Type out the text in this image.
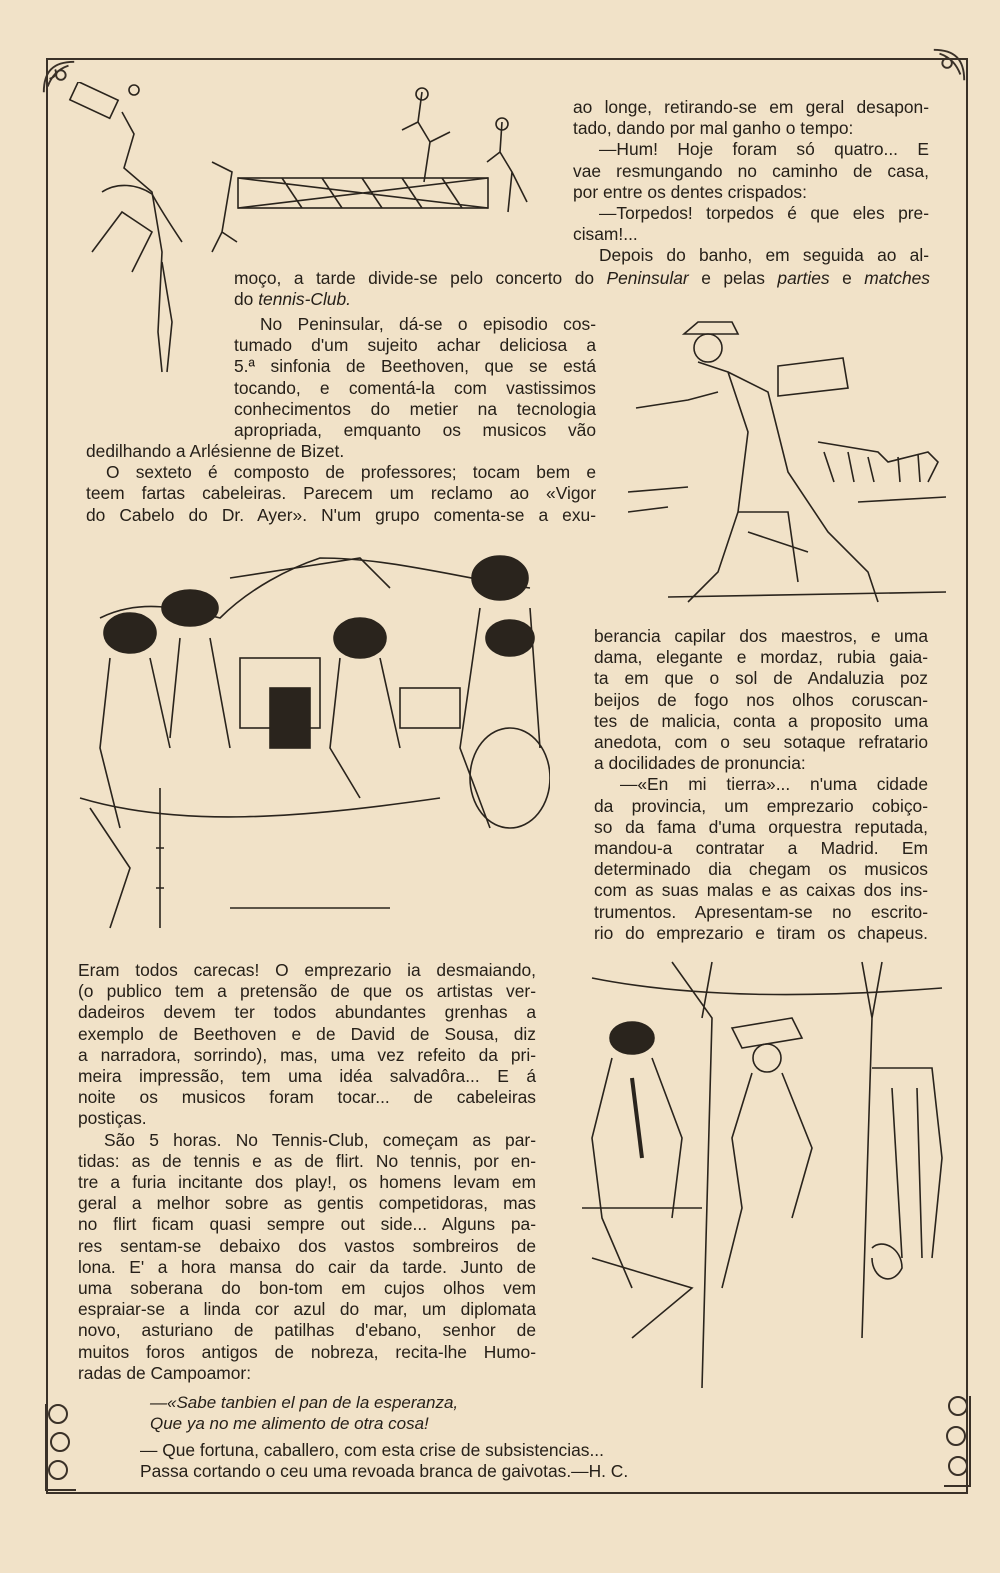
ao longe, retirando-se em geral desapon-
tado, dando por mal ganho o tempo:
—Hum! Hoje foram só quatro... E
vae resmungando no caminho de casa,
por entre os dentes crispados:
—Torpedos! torpedos é que eles pre-
cisam!...
Depois do banho, em seguida ao al-
moço, a tarde divide-se pelo concerto do Peninsular e pelas parties e matches
do tennis-Club.
No Peninsular, dá-se o episodio cos-
tumado d'um sujeito achar deliciosa a
5.ª sinfonia de Beethoven, que se está
tocando, e comentá-la com vastissimos
conhecimentos do metier na tecnologia
apropriada, emquanto os musicos vão
dedilhando a Arlésienne de Bizet.
O sexteto é composto de professores; tocam bem e
teem fartas cabeleiras. Parecem um reclamo ao «Vigor
do Cabelo do Dr. Ayer». N'um grupo comenta-se a exu-
berancia capilar dos maestros, e uma
dama, elegante e mordaz, rubia gaia-
ta em que o sol de Andaluzia poz
beijos de fogo nos olhos coruscan-
tes de malicia, conta a proposito uma
anedota, com o seu sotaque refratario
a docilidades de pronuncia:
—«En mi tierra»... n'uma cidade
da provincia, um emprezario cobiço-
so da fama d'uma orquestra reputada,
mandou-a contratar a Madrid. Em
determinado dia chegam os musicos
com as suas malas e as caixas dos ins-
trumentos. Apresentam-se no escrito-
rio do emprezario e tiram os chapeus.
Eram todos carecas! O emprezario ia desmaiando,
(o publico tem a pretensão de que os artistas ver-
dadeiros devem ter todos abundantes grenhas a
exemplo de Beethoven e de David de Sousa, diz
a narradora, sorrindo), mas, uma vez refeito da pri-
meira impressão, tem uma idéa salvadôra... E á
noite os musicos foram tocar... de cabeleiras
postiças.
São 5 horas. No Tennis-Club, começam as par-
tidas: as de tennis e as de flirt. No tennis, por en-
tre a furia incitante dos play!, os homens levam em
geral a melhor sobre as gentis competidoras, mas
no flirt ficam quasi sempre out side... Alguns pa-
res sentam-se debaixo dos vastos sombreiros de
lona. E' a hora mansa do cair da tarde. Junto de
uma soberana do bon-tom em cujos olhos vem
espraiar-se a linda cor azul do mar, um diplomata
novo, asturiano de patilhas d'ebano, senhor de
muitos foros antigos de nobreza, recita-lhe Humo-
radas de Campoamor:
—«Sabe tanbien el pan de la esperanza,
Que ya no me alimento de otra cosa!
— Que fortuna, caballero, com esta crise de subsistencias...
Passa cortando o ceu uma revoada branca de gaivotas.—H. C.
